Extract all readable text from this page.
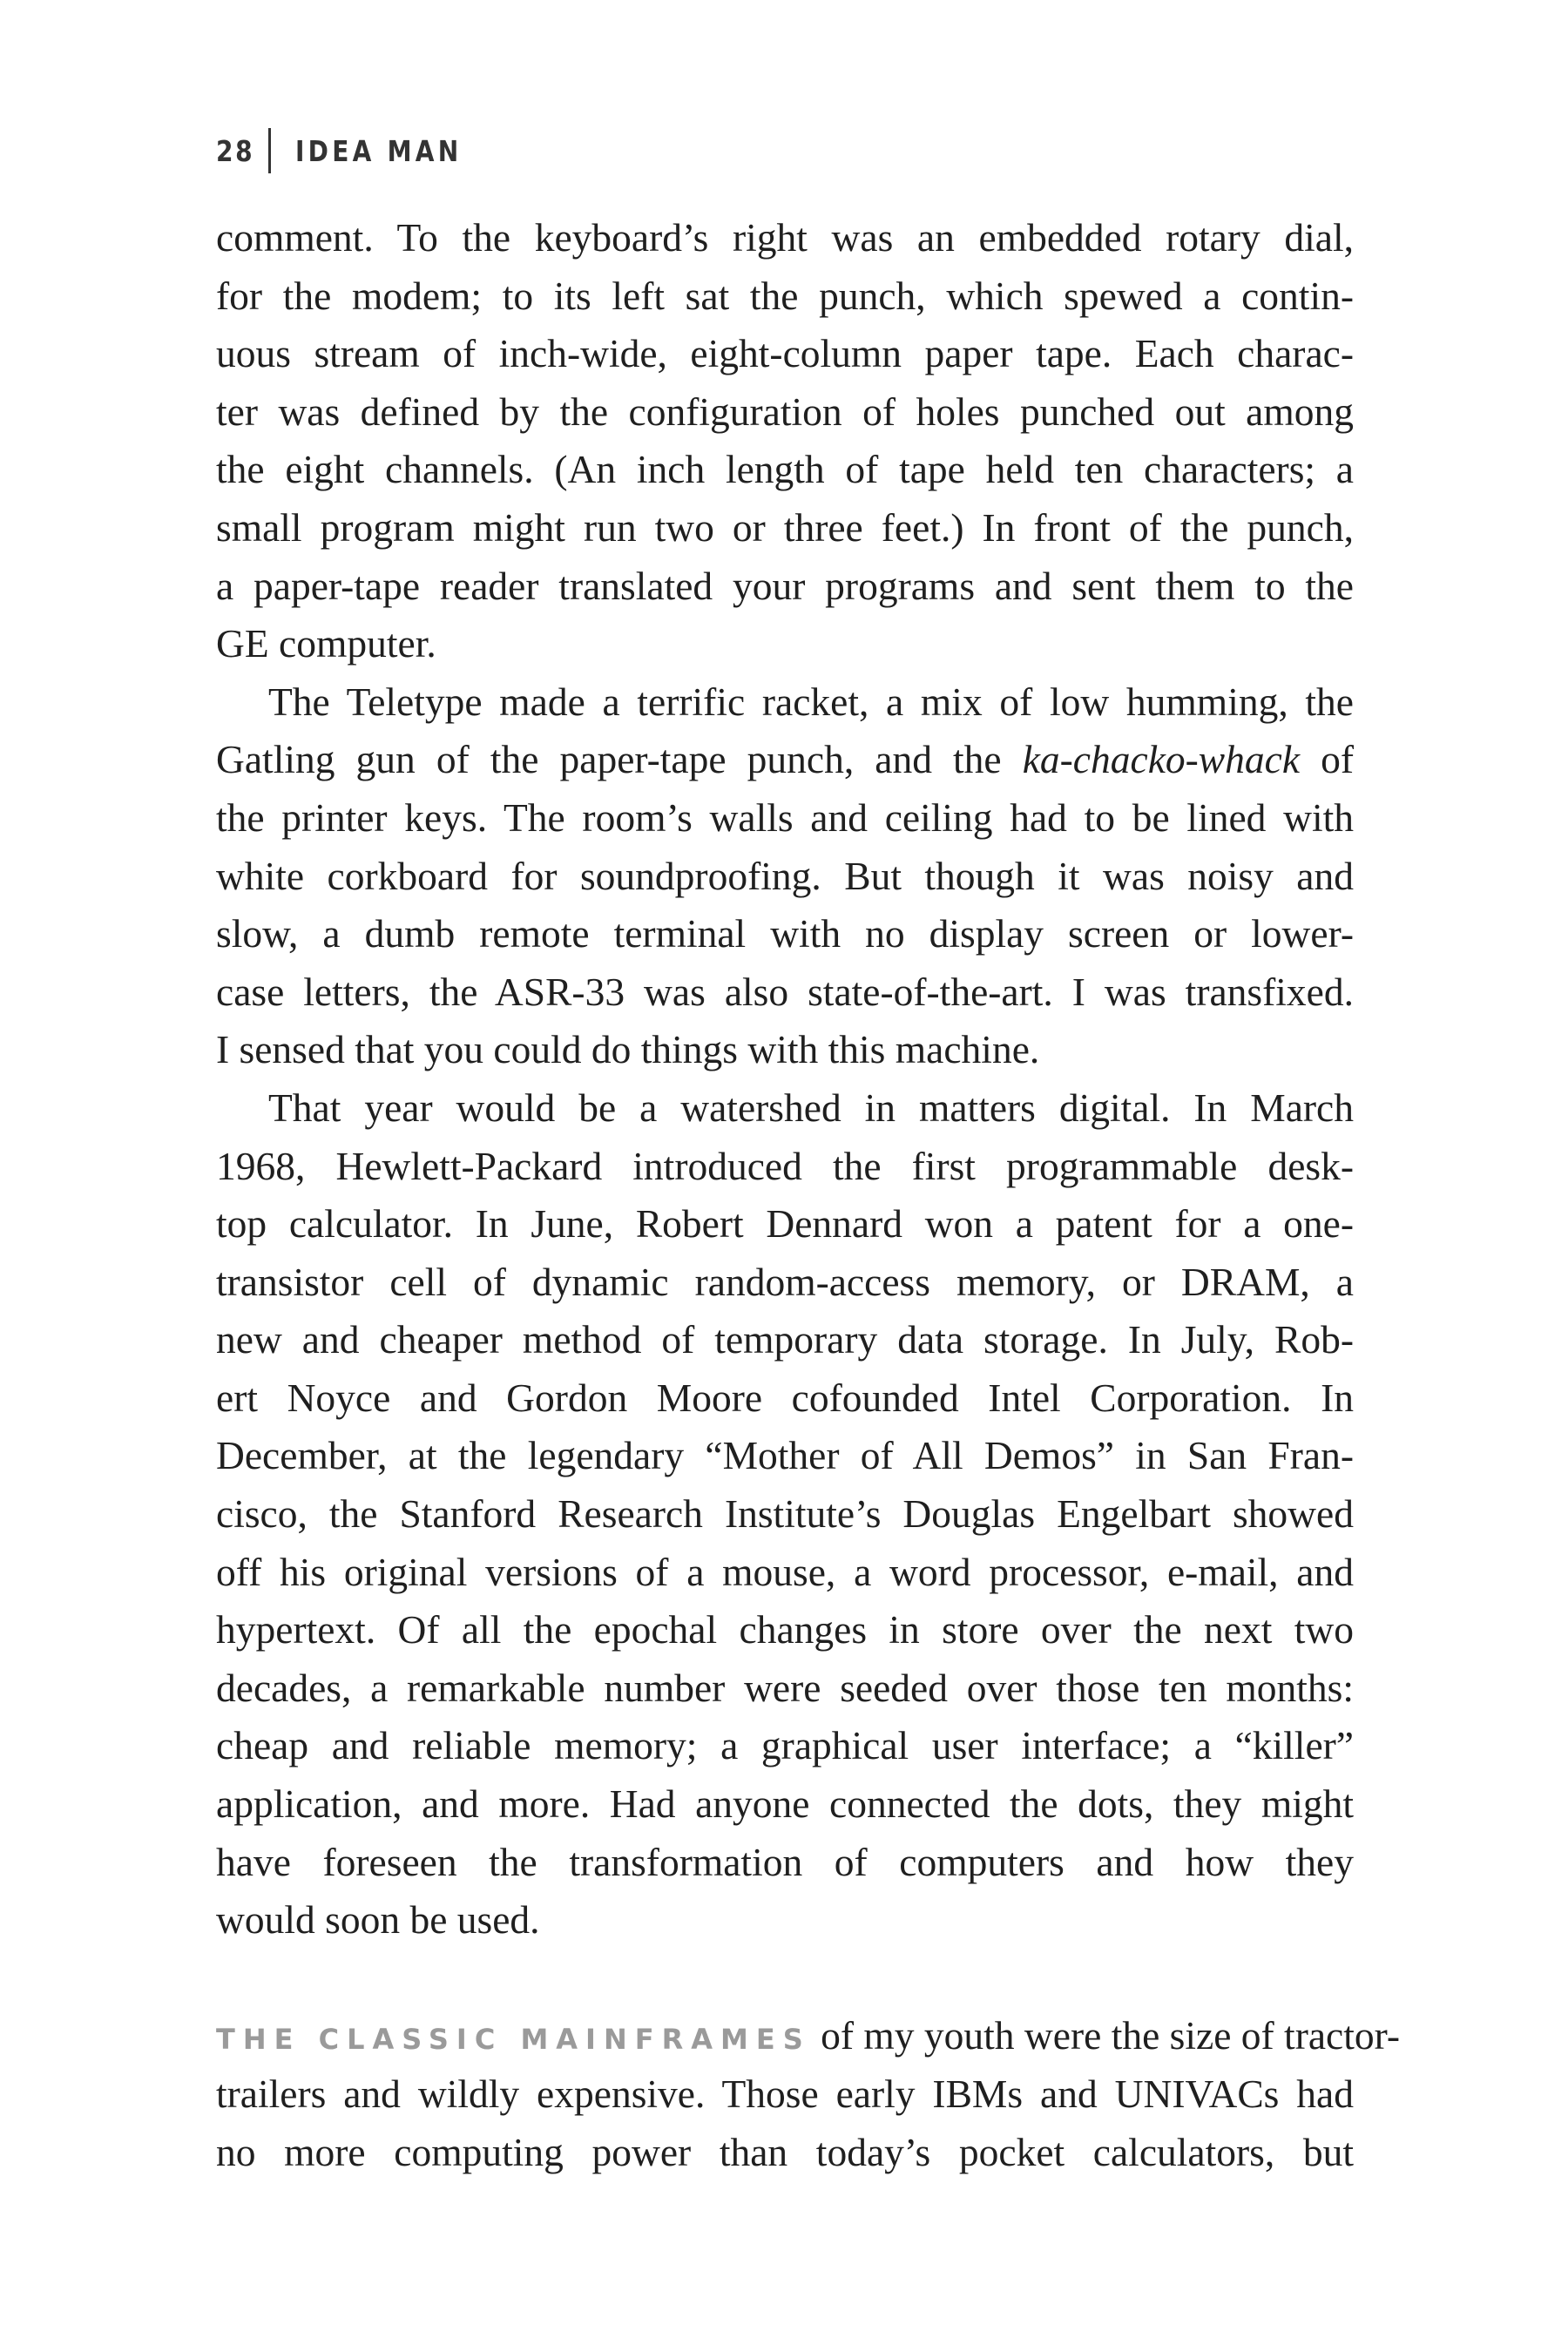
28 IDEA MAN
comment. To the keyboard’s right was an embedded rotary dial,
for the modem; to its left sat the punch, which spewed a contin-
uous stream of inch-wide, eight-column paper tape. Each charac-
ter was defined by the configuration of holes punched out among
the eight channels. (An inch length of tape held ten characters; a
small program might run two or three feet.) In front of the punch,
a paper-tape reader translated your programs and sent them to the
GE computer.
The Teletype made a terrific racket, a mix of low humming, the
Gatling gun of the paper-tape punch, and the ka-chacko-whack of
the printer keys. The room’s walls and ceiling had to be lined with
white corkboard for soundproofing. But though it was noisy and
slow, a dumb remote terminal with no display screen or lower-
case letters, the ASR-33 was also state-of-the-art. I was transfixed.
I sensed that you could do things with this machine.
That year would be a watershed in matters digital. In March
1968, Hewlett-Packard introduced the first programmable desk-
top calculator. In June, Robert Dennard won a patent for a one-
transistor cell of dynamic random-access memory, or DRAM, a
new and cheaper method of temporary data storage. In July, Rob-
ert Noyce and Gordon Moore cofounded Intel Corporation. In
December, at the legendary “Mother of All Demos” in San Fran-
cisco, the Stanford Research Institute’s Douglas Engelbart showed
off his original versions of a mouse, a word processor, e-mail, and
hypertext. Of all the epochal changes in store over the next two
decades, a remarkable number were seeded over those ten months:
cheap and reliable memory; a graphical user interface; a “killer”
application, and more. Had anyone connected the dots, they might
have foreseen the transformation of computers and how they
would soon be used.
THE CLASSIC MAINFRAMES of my youth were the size of tractor-
trailers and wildly expensive. Those early IBMs and UNIVACs had
no more computing power than today’s pocket calculators, but
